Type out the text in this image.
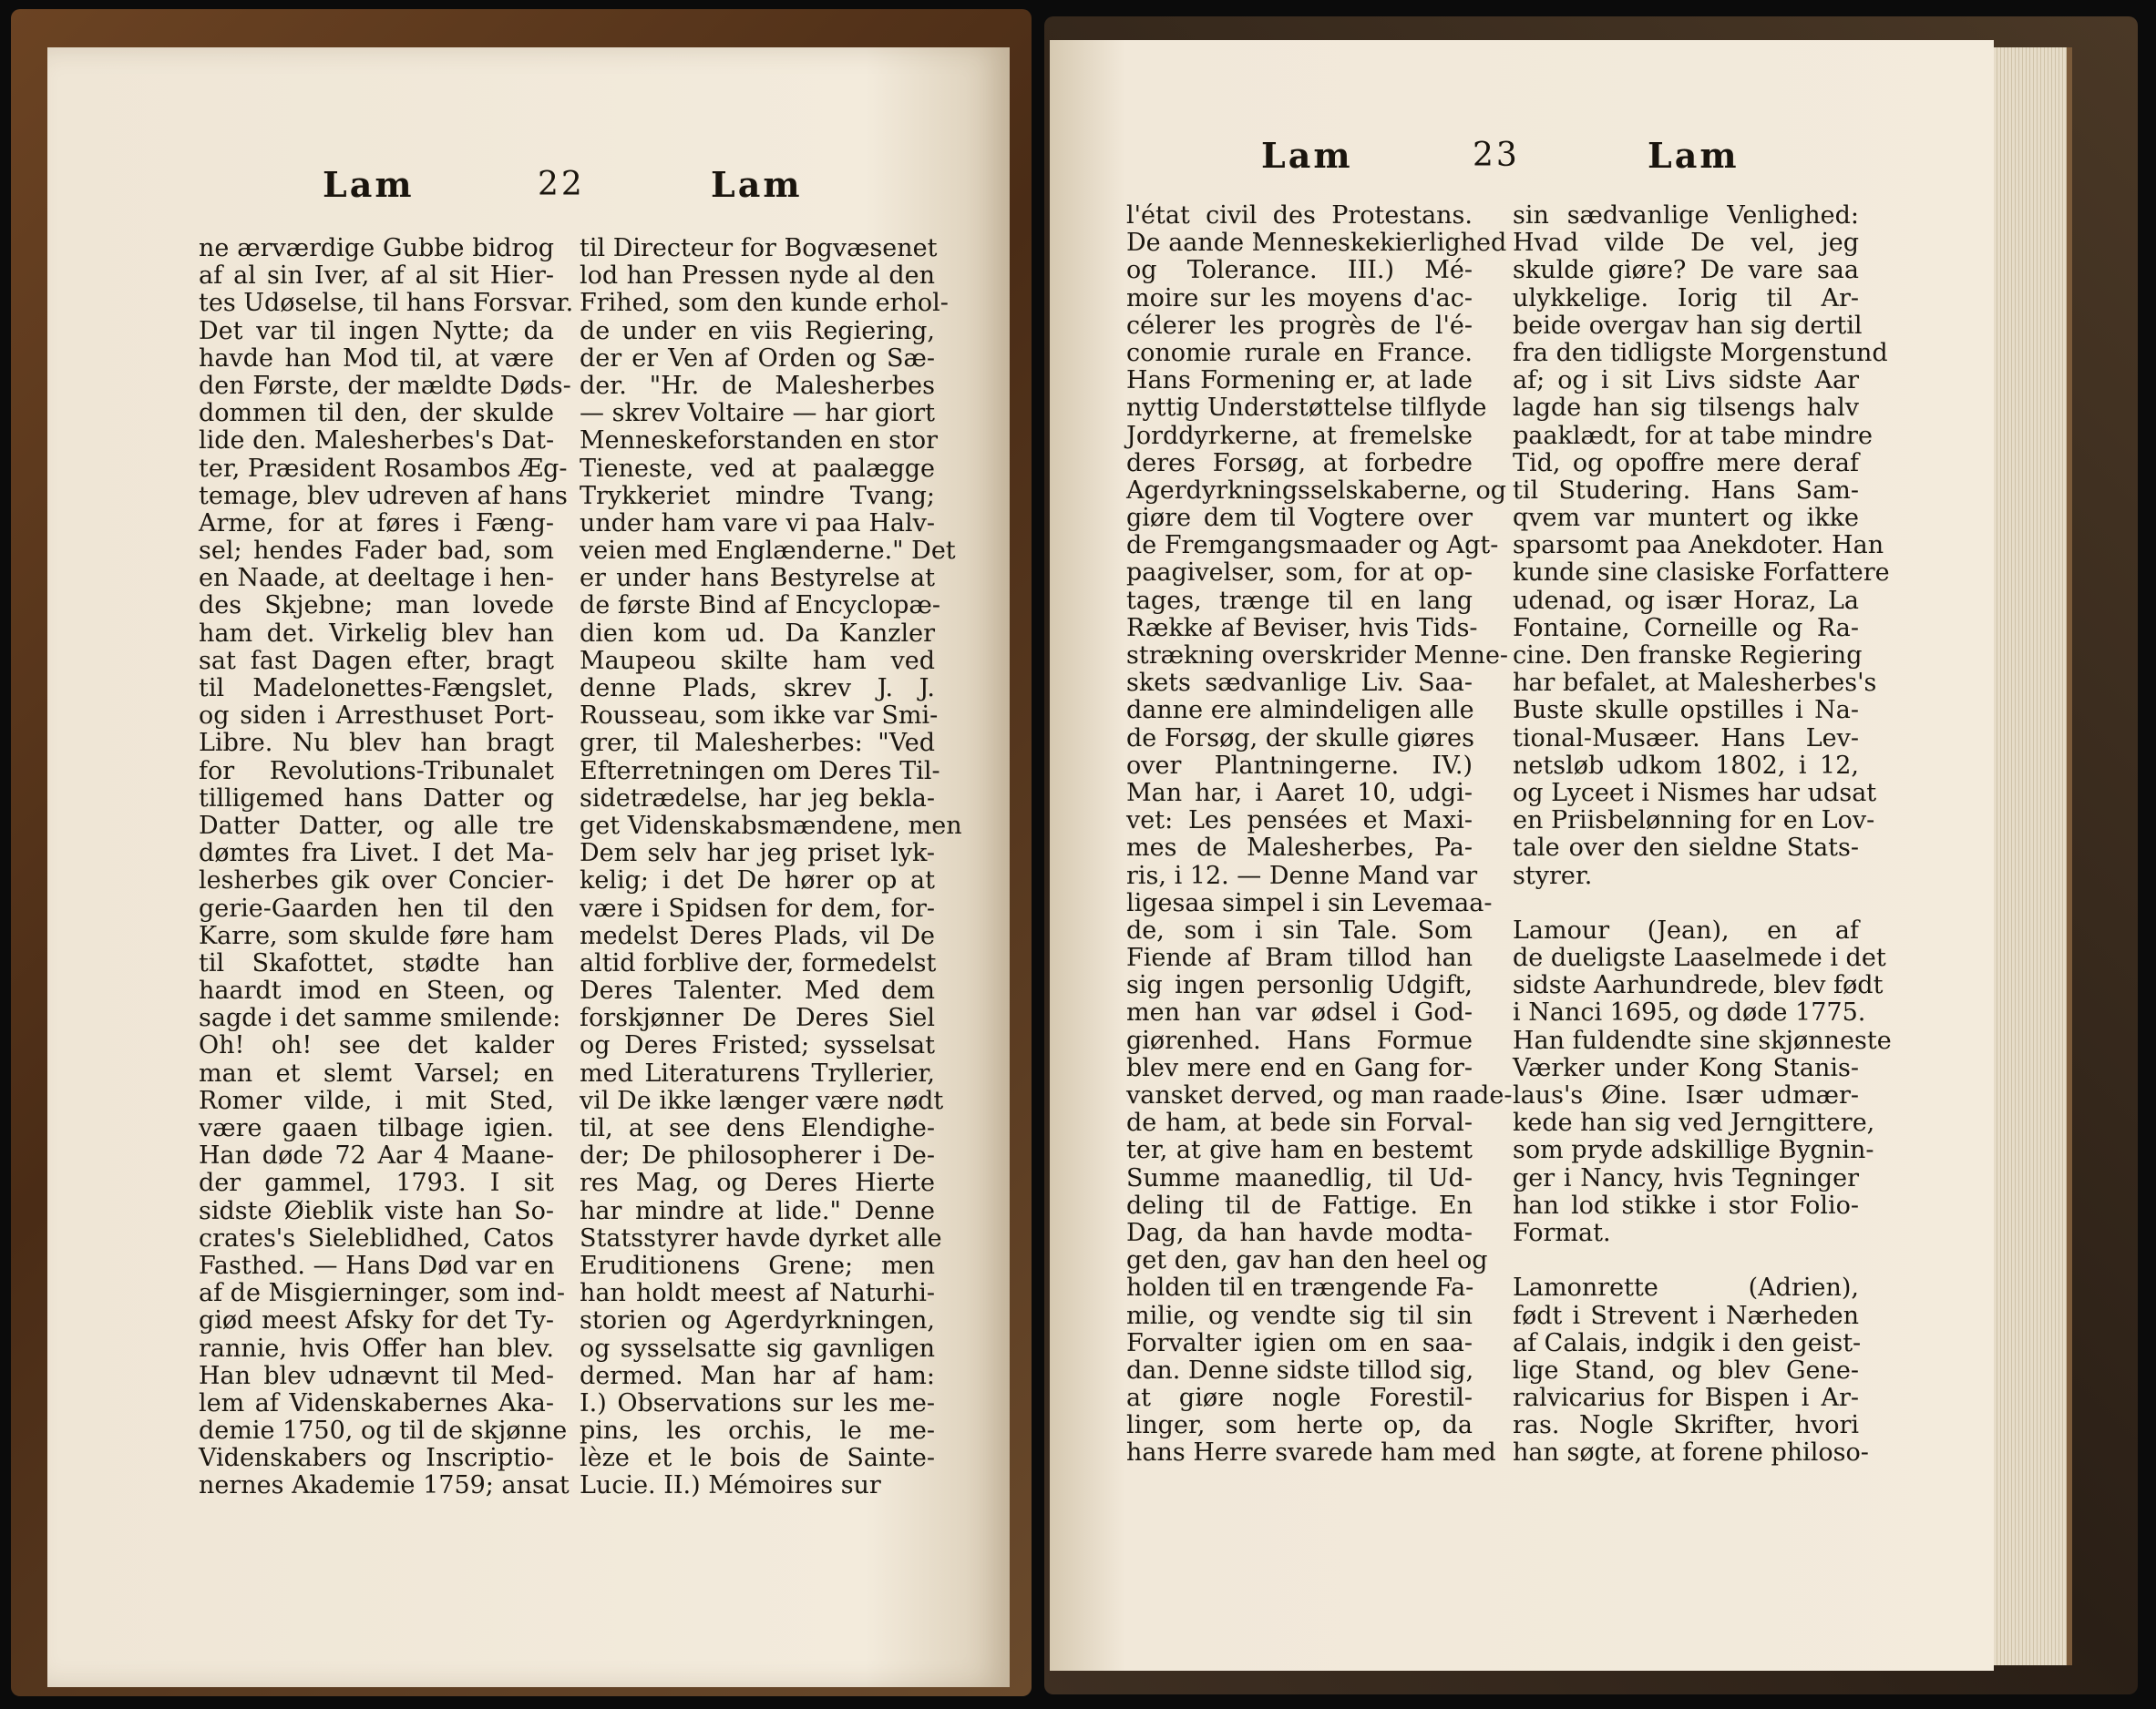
Lam	22	Lam
ne ærværdige Gubbe bidrog
af al sin Iver, af al sit Hier-
tes Udøselse, til hans Forsvar.
Det var til ingen Nytte; da
havde han Mod til, at være
den Første, der mældte Døds-
dommen til den, der skulde
lide den. Malesherbes's Dat-
ter, Præsident Rosambos Æg-
temage, blev udreven af hans
Arme, for at føres i Fæng-
sel; hendes Fader bad, som
en Naade, at deeltage i hen-
des Skjebne; man lovede
ham det. Virkelig blev han
sat fast Dagen efter, bragt
til Madelonettes-Fængslet,
og siden i Arresthuset Port-
Libre. Nu blev han bragt
for Revolutions-Tribunalet
tilligemed hans Datter og
Datter Datter, og alle tre
dømtes fra Livet. I det Ma-
lesherbes gik over Concier-
gerie-Gaarden hen til den
Karre, som skulde føre ham
til Skafottet, stødte han
haardt imod en Steen, og
sagde i det samme smilende:
Oh! oh! see det kalder
man et slemt Varsel; en
Romer vilde, i mit Sted,
være gaaen tilbage igien.
Han døde 72 Aar 4 Maane-
der gammel, 1793. I sit
sidste Øieblik viste han So-
crates's Sieleblidhed, Catos
Fasthed. — Hans Død var en
af de Misgierninger, som ind-
giød meest Afsky for det Ty-
rannie, hvis Offer han blev.
Han blev udnævnt til Med-
lem af Videnskabernes Aka-
demie 1750, og til de skjønne
Videnskabers og Inscriptio-
nernes Akademie 1759; ansat
til Directeur for Bogvæsenet
lod han Pressen nyde al den
Frihed, som den kunde erhol-
de under en viis Regiering,
der er Ven af Orden og Sæ-
der. "Hr. de Malesherbes
— skrev Voltaire — har giort
Menneskeforstanden en stor
Tieneste, ved at paalægge
Trykkeriet mindre Tvang;
under ham vare vi paa Halv-
veien med Englænderne." Det
er under hans Bestyrelse at
de første Bind af Encyclopæ-
dien kom ud. Da Kanzler
Maupeou skilte ham ved
denne Plads, skrev J. J.
Rousseau, som ikke var Smi-
grer, til Malesherbes: "Ved
Efterretningen om Deres Til-
sidetrædelse, har jeg bekla-
get Videnskabsmændene, men
Dem selv har jeg priset lyk-
kelig; i det De hører op at
være i Spidsen for dem, for-
medelst Deres Plads, vil De
altid forblive der, formedelst
Deres Talenter. Med dem
forskjønner De Deres Siel
og Deres Fristed; sysselsat
med Literaturens Tryllerier,
vil De ikke længer være nødt
til, at see dens Elendighe-
der; De philosopherer i De-
res Mag, og Deres Hierte
har mindre at lide." Denne
Statsstyrer havde dyrket alle
Eruditionens Grene; men
han holdt meest af Naturhi-
storien og Agerdyrkningen,
og sysselsatte sig gavnligen
dermed. Man har af ham:
I.) Observations sur les me-
pins, les orchis, le me-
lèze et le bois de Sainte-
Lucie. II.) Mémoires sur
Lam	23	Lam
l'état civil des Protestans.
De aande Menneskekierlighed
og Tolerance. III.) Mé-
moire sur les moyens d'ac-
célerer les progrès de l'é-
conomie rurale en France.
Hans Formening er, at lade
nyttig Understøttelse tilflyde
Jorddyrkerne, at fremelske
deres Forsøg, at forbedre
Agerdyrkningsselskaberne, og
giøre dem til Vogtere over
de Fremgangsmaader og Agt-
paagivelser, som, for at op-
tages, trænge til en lang
Række af Beviser, hvis Tids-
strækning overskrider Menne-
skets sædvanlige Liv. Saa-
danne ere almindeligen alle
de Forsøg, der skulle giøres
over Plantningerne. IV.)
Man har, i Aaret 10, udgi-
vet: Les pensées et Maxi-
mes de Malesherbes, Pa-
ris, i 12. — Denne Mand var
ligesaa simpel i sin Levemaa-
de, som i sin Tale. Som
Fiende af Bram tillod han
sig ingen personlig Udgift,
men han var ødsel i God-
giørenhed. Hans Formue
blev mere end en Gang for-
vansket derved, og man raade-
de ham, at bede sin Forval-
ter, at give ham en bestemt
Summe maanedlig, til Ud-
deling til de Fattige. En
Dag, da han havde modta-
get den, gav han den heel og
holden til en trængende Fa-
milie, og vendte sig til sin
Forvalter igien om en saa-
dan. Denne sidste tillod sig,
at giøre nogle Forestil-
linger, som herte op, da
hans Herre svarede ham med
sin sædvanlige Venlighed:
Hvad vilde De vel, jeg
skulde giøre? De vare saa
ulykkelige. Iorig til Ar-
beide overgav han sig dertil
fra den tidligste Morgenstund
af; og i sit Livs sidste Aar
lagde han sig tilsengs halv
paaklædt, for at tabe mindre
Tid, og opoffre mere deraf
til Studering. Hans Sam-
qvem var muntert og ikke
sparsomt paa Anekdoter. Han
kunde sine clasiske Forfattere
udenad, og især Horaz, La
Fontaine, Corneille og Ra-
cine. Den franske Regiering
har befalet, at Malesherbes's
Buste skulle opstilles i Na-
tional-Musæer. Hans Lev-
netsløb udkom 1802, i 12,
og Lyceet i Nismes har udsat
en Priisbelønning for en Lov-
tale over den sieldne Stats-
styrer.
Lamour (Jean), en af
de dueligste Laaselmede i det
sidste Aarhundrede, blev født
i Nanci 1695, og døde 1775.
Han fuldendte sine skjønneste
Værker under Kong Stanis-
laus's Øine. Især udmær-
kede han sig ved Jerngittere,
som pryde adskillige Bygnin-
ger i Nancy, hvis Tegninger
han lod stikke i stor Folio-
Format.
Lamonrette (Adrien),
født i Strevent i Nærheden
af Calais, indgik i den geist-
lige Stand, og blev Gene-
ralvicarius for Bispen i Ar-
ras. Nogle Skrifter, hvori
han søgte, at forene philoso-
